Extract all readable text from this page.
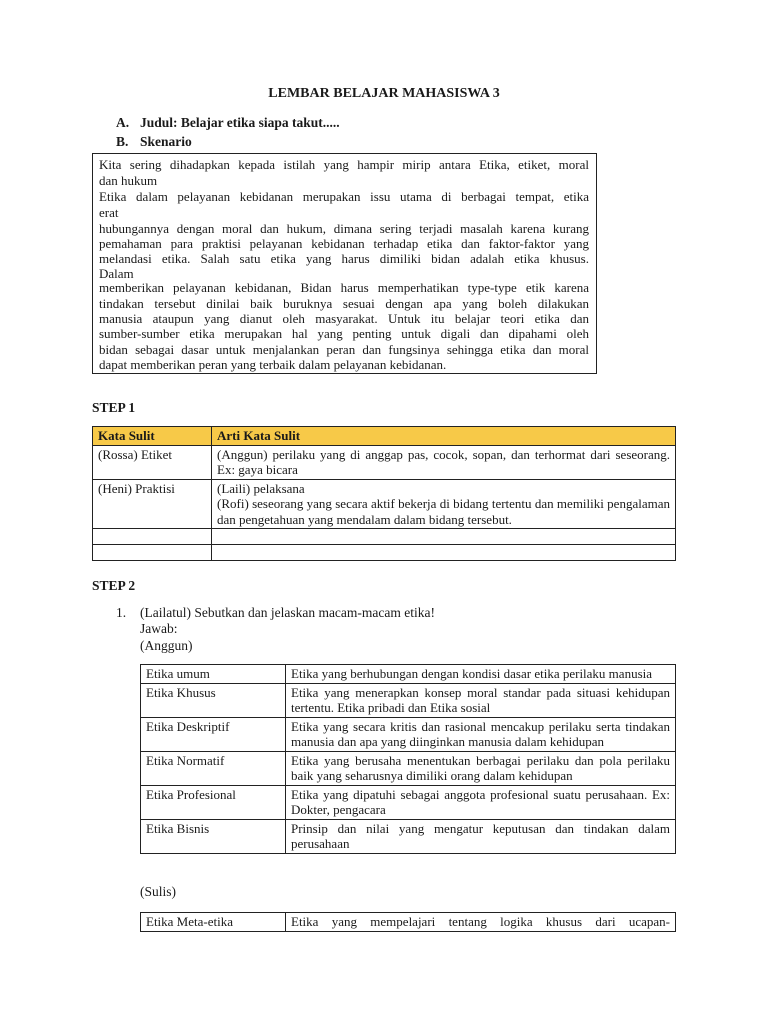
LEMBAR BELAJAR MAHASISWA 3
A. Judul: Belajar etika siapa takut.....
B. Skenario
Kita sering dihadapkan kepada istilah yang hampir mirip antara Etika, etiket, moral
dan hukum
Etika dalam pelayanan kebidanan merupakan issu utama di berbagai tempat, etika
erat
hubungannya dengan moral dan hukum, dimana sering terjadi masalah karena kurang
pemahaman para praktisi pelayanan kebidanan terhadap etika dan faktor-faktor yang
melandasi etika. Salah satu etika yang harus dimiliki bidan adalah etika khusus.
Dalam
memberikan pelayanan kebidanan, Bidan harus memperhatikan type-type etik karena
tindakan tersebut dinilai baik buruknya sesuai dengan apa yang boleh dilakukan
manusia ataupun yang dianut oleh masyarakat. Untuk itu belajar teori etika dan
sumber-sumber etika merupakan hal yang penting untuk digali dan dipahami oleh
bidan sebagai dasar untuk menjalankan peran dan fungsinya sehingga etika dan moral
dapat memberikan peran yang terbaik dalam pelayanan kebidanan.

STEP 1

Kata Sulit	Arti Kata Sulit
(Rossa) Etiket	(Anggun) perilaku yang di anggap pas, cocok, sopan, dan terhormat dari seseorang. Ex: gaya bicara
(Heni) Praktisi	(Laili) pelaksana
(Rofi) seseorang yang secara aktif bekerja di bidang tertentu dan memiliki pengalaman dan pengetahuan yang mendalam dalam bidang tersebut.

STEP 2

1. (Lailatul) Sebutkan dan jelaskan macam-macam etika!
Jawab:
(Anggun)
Etika umum	Etika yang berhubungan dengan kondisi dasar etika perilaku manusia
Etika Khusus	Etika yang menerapkan konsep moral standar pada situasi kehidupan tertentu. Etika pribadi dan Etika sosial
Etika Deskriptif	Etika yang secara kritis dan rasional mencakup perilaku serta tindakan manusia dan apa yang diinginkan manusia dalam kehidupan
Etika Normatif	Etika yang berusaha menentukan berbagai perilaku dan pola perilaku baik yang seharusnya dimiliki orang dalam kehidupan
Etika Profesional	Etika yang dipatuhi sebagai anggota profesional suatu perusahaan. Ex: Dokter, pengacara
Etika Bisnis	Prinsip dan nilai yang mengatur keputusan dan tindakan dalam perusahaan

(Sulis)

Etika Meta-etika	Etika yang mempelajari tentang logika khusus dari ucapan-
